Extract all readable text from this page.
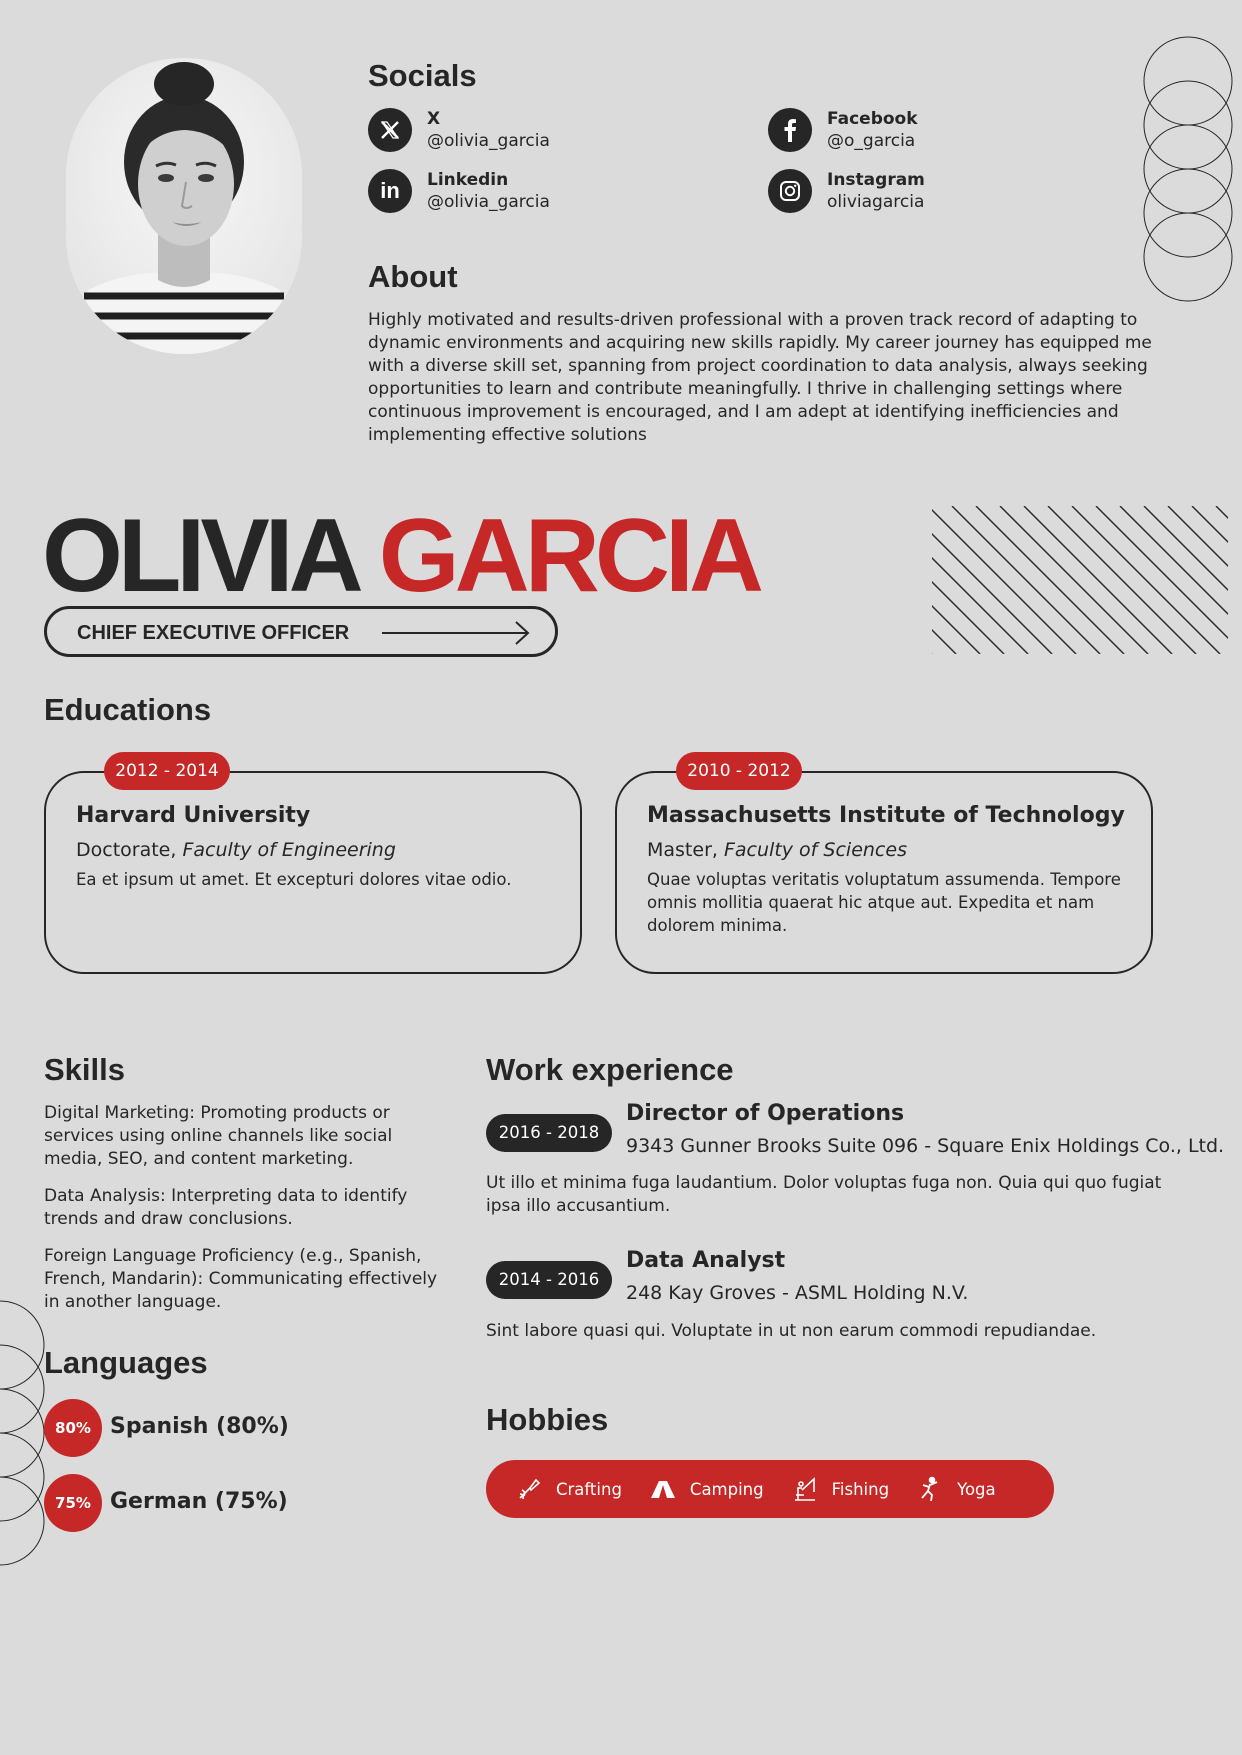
Socials
X
@olivia_garcia
Facebook
@o_garcia
in Linkedin
@olivia_garcia
Instagram
oliviagarcia
About

Highly motivated and results-driven professional with a proven track record of adapting to dynamic environments and acquiring new skills rapidly. My career journey has equipped me with a diverse skill set, spanning from project coordination to data analysis, always seeking opportunities to learn and contribute meaningfully. I thrive in challenging settings where continuous improvement is encouraged, and I am adept at identifying inefficiencies and implementing effective solutions

OLIVIA GARCIA
CHIEF EXECUTIVE OFFICER
Educations
Harvard University
Doctorate, Faculty of Engineering

Ea et ipsum ut amet. Et excepturi dolores vitae odio.

2012 - 2014
Massachusetts Institute of Technology
Master, Faculty of Sciences

Quae voluptas veritatis voluptatum assumenda. Tempore omnis mollitia quaerat hic atque aut. Expedita et nam dolorem minima.

2010 - 2012
Skills

Digital Marketing: Promoting products or services using online channels like social media, SEO, and content marketing.

Data Analysis: Interpreting data to identify trends and draw conclusions.

Foreign Language Proficiency (e.g., Spanish, French, Mandarin): Communicating effectively in another language.

Languages
80% Spanish (80%)
75% German (75%)
Work experience
2016 - 2018
Director of Operations
9343 Gunner Brooks Suite 096 - Square Enix Holdings Co., Ltd.

Ut illo et minima fuga laudantium. Dolor voluptas fuga non. Quia qui quo fugiat ipsa illo accusantium.

2014 - 2016
Data Analyst
248 Kay Groves - ASML Holding N.V.

Sint labore quasi qui. Voluptate in ut non earum commodi repudiandae.

Hobbies
Crafting	Camping	Fishing	Yoga
